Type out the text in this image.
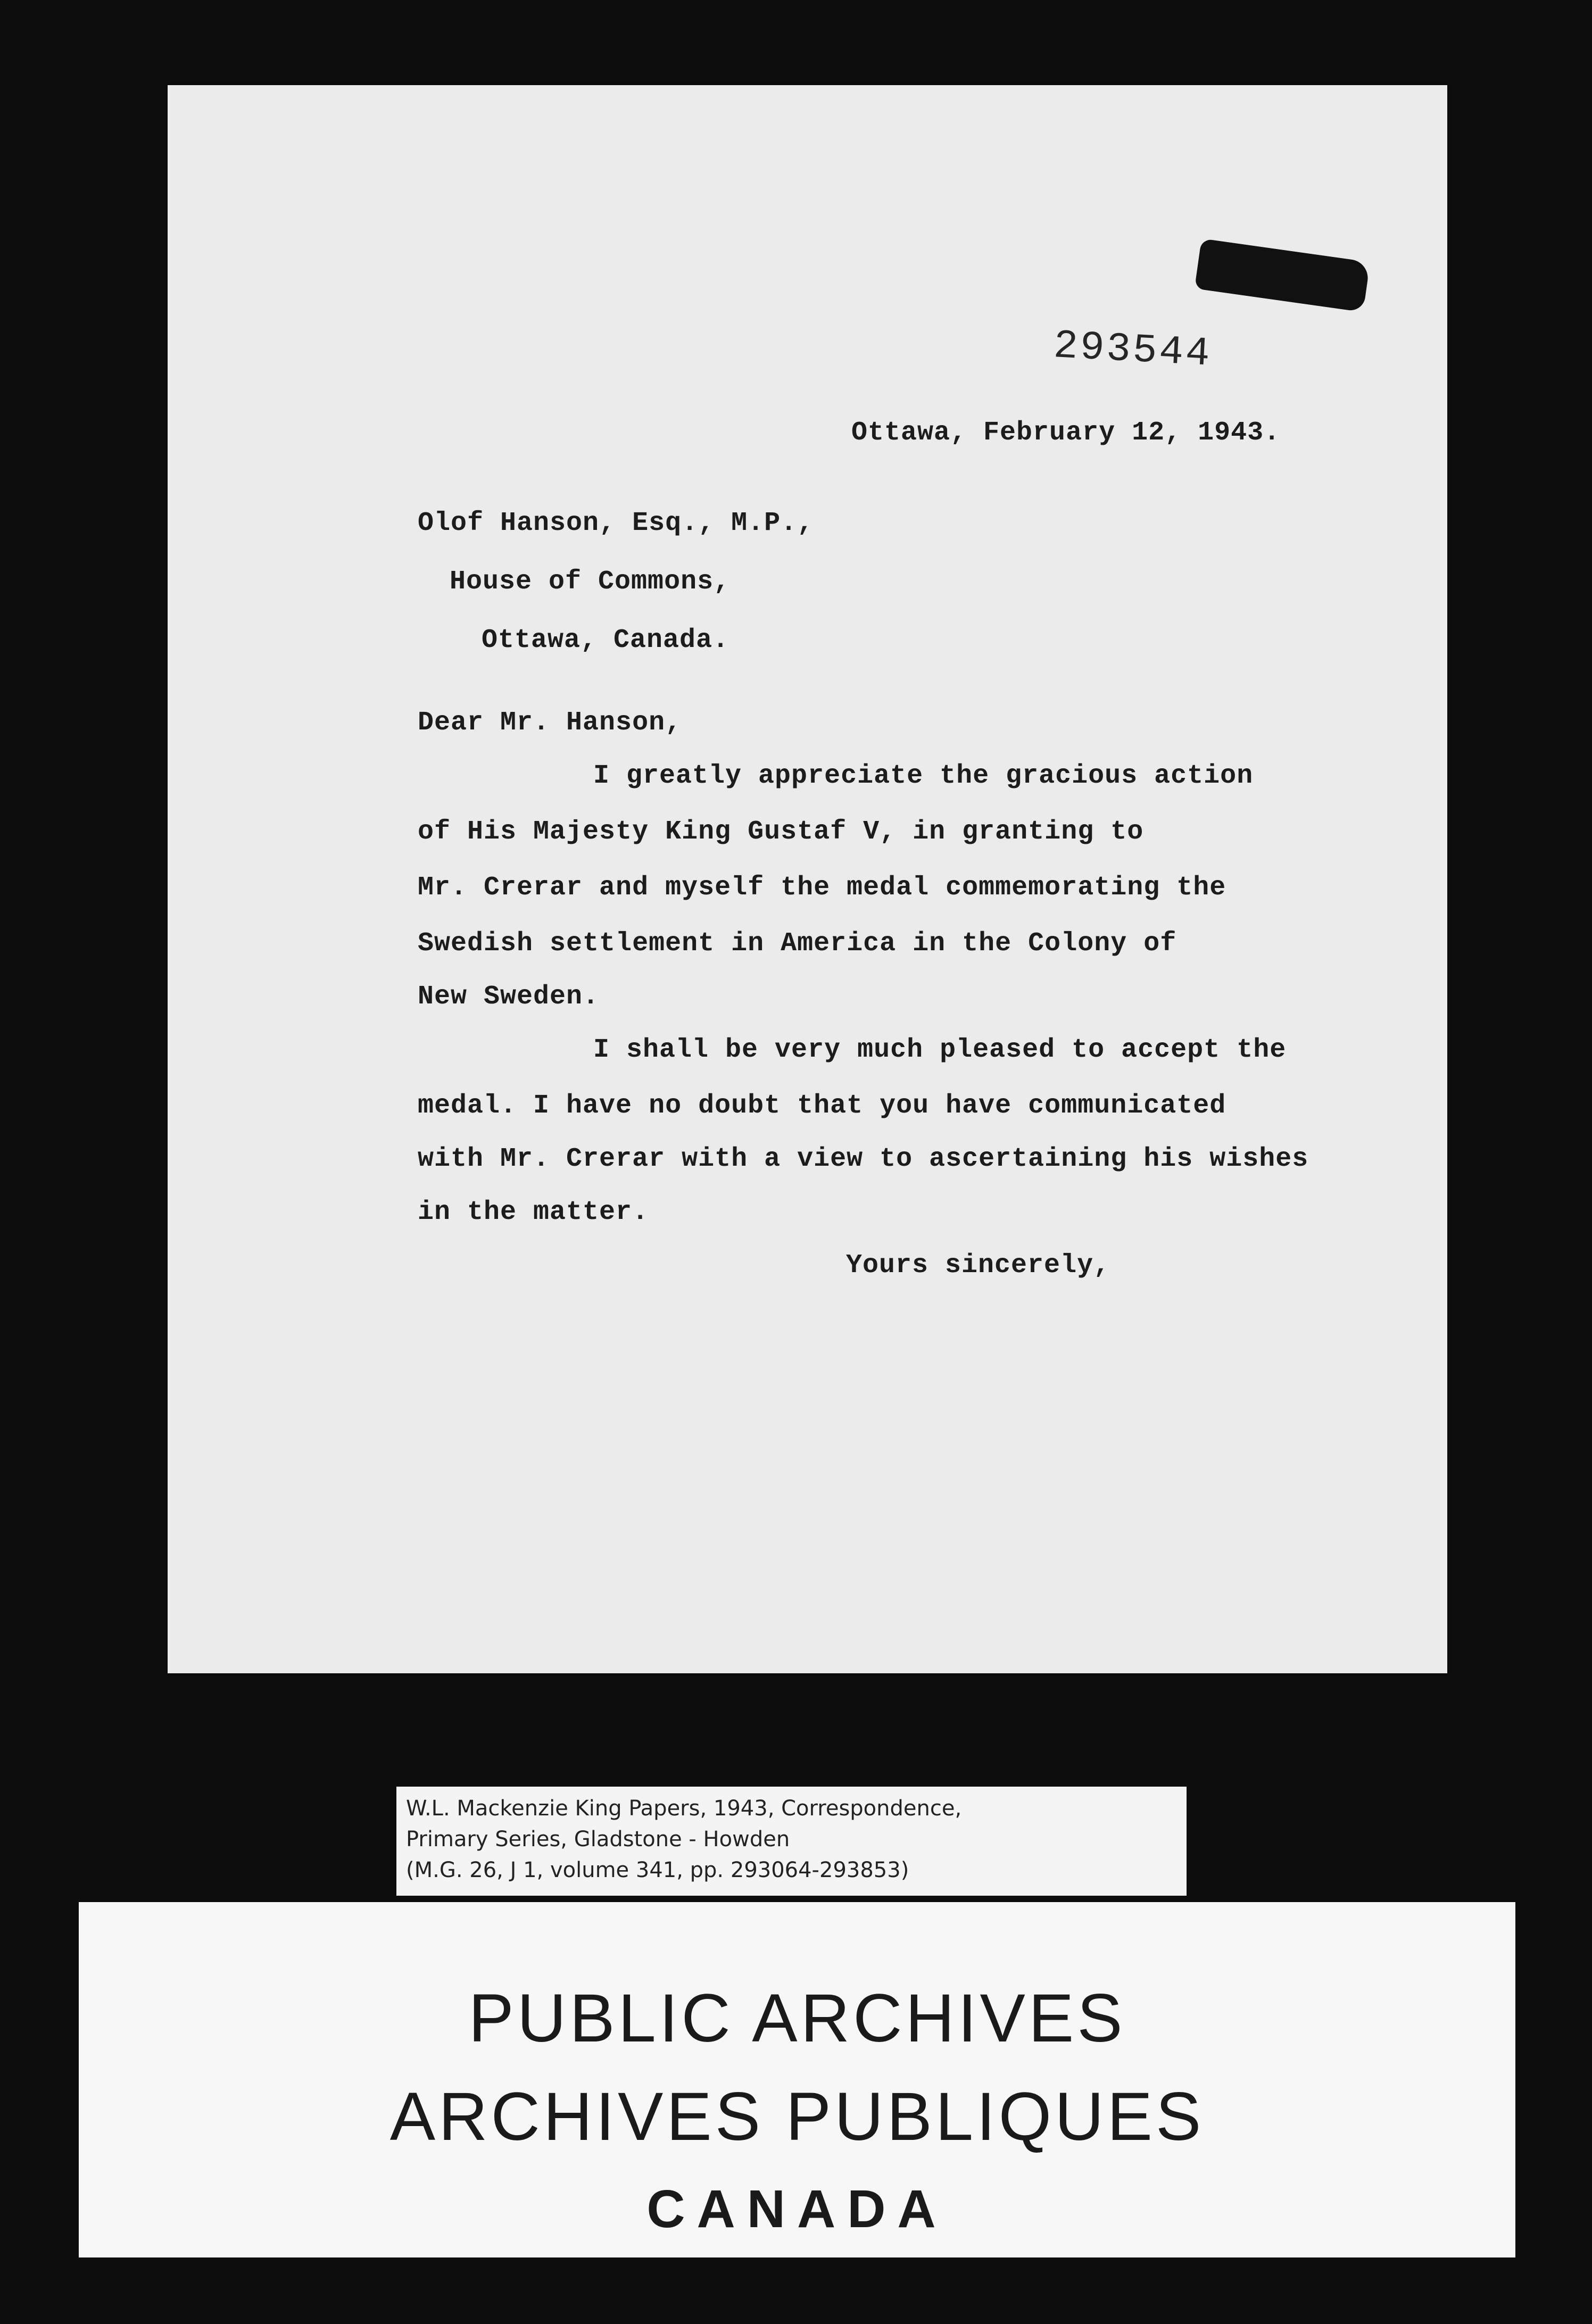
293544
Ottawa, February 12, 1943.
Olof Hanson, Esq., M.P.,
House of Commons,
Ottawa, Canada.
Dear Mr. Hanson,
I greatly appreciate the gracious action
of His Majesty King Gustaf V, in granting to
Mr. Crerar and myself the medal commemorating the
Swedish settlement in America in the Colony of
New Sweden.
I shall be very much pleased to accept the
medal. I have no doubt that you have communicated
with Mr. Crerar with a view to ascertaining his wishes
in the matter.
Yours sincerely,
W.L. Mackenzie King Papers, 1943, Correspondence,
Primary Series, Gladstone - Howden
(M.G. 26, J 1, volume 341, pp. 293064-293853)
PUBLIC ARCHIVES
ARCHIVES PUBLIQUES
CANADA
